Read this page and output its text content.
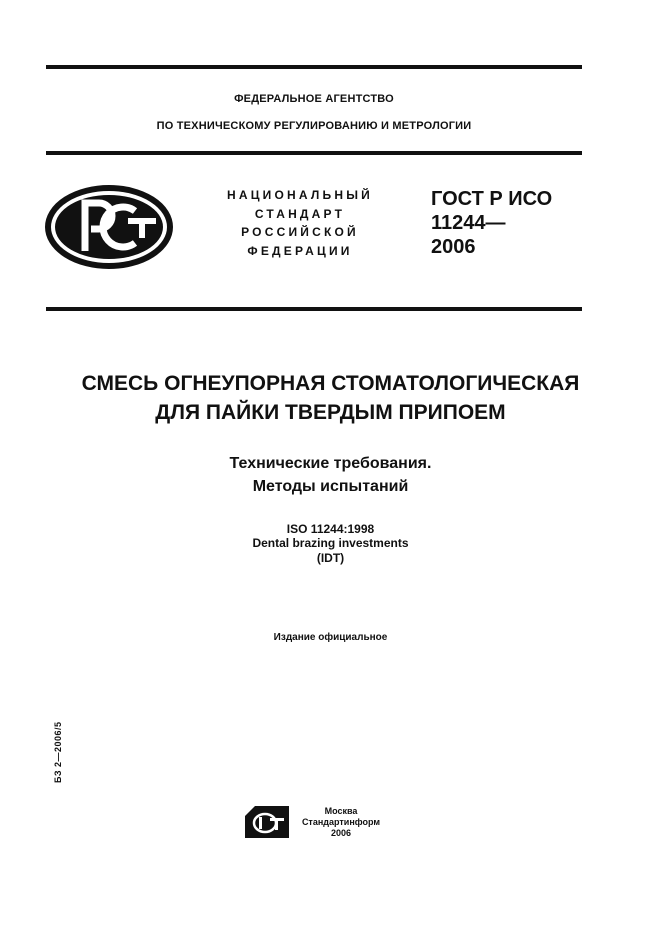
ФЕДЕРАЛЬНОЕ АГЕНТСТВО
ПО ТЕХНИЧЕСКОМУ РЕГУЛИРОВАНИЮ И МЕТРОЛОГИИ
НАЦИОНАЛЬНЫЙ
СТАНДАРТ
РОССИЙСКОЙ
ФЕДЕРАЦИИ
ГОСТ Р ИСО
11244—
2006
СМЕСЬ ОГНЕУПОРНАЯ СТОМАТОЛОГИЧЕСКАЯ
ДЛЯ ПАЙКИ ТВЕРДЫМ ПРИПОЕМ
Технические требования.
Методы испытаний
ISO 11244:1998
Dental brazing investments
(IDT)
Издание официальное
БЗ 2—2006/5
Москва
Стандартинформ
2006
